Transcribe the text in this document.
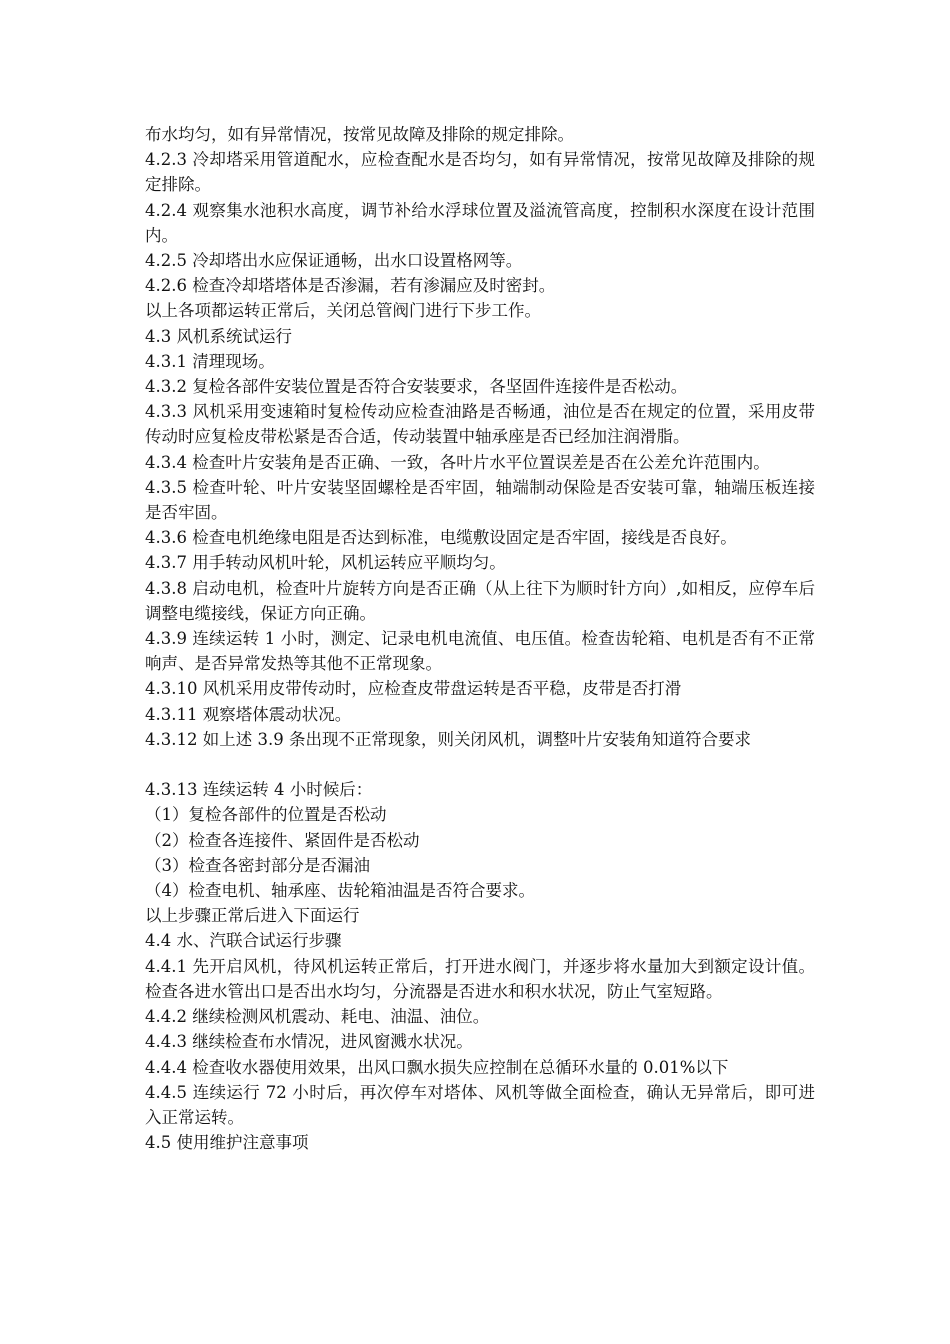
布水均匀，如有异常情况，按常见故障及排除的规定排除。

4.2.3 冷却塔采用管道配水，应检查配水是否均匀，如有异常情况，按常见故障及排除的规定排除。

4.2.4 观察集水池积水高度，调节补给水浮球位置及溢流管高度，控制积水深度在设计范围内。

4.2.5 冷却塔出水应保证通畅，出水口设置格网等。

4.2.6 检查冷却塔塔体是否渗漏，若有渗漏应及时密封。

以上各项都运转正常后，关闭总管阀门进行下步工作。

4.3 风机系统试运行

4.3.1 清理现场。

4.3.2 复检各部件安装位置是否符合安装要求，各坚固件连接件是否松动。

4.3.3 风机采用变速箱时复检传动应检查油路是否畅通，油位是否在规定的位置，采用皮带传动时应复检皮带松紧是否合适，传动装置中轴承座是否已经加注润滑脂。

4.3.4 检查叶片安装角是否正确、一致，各叶片水平位置误差是否在公差允许范围内。

4.3.5 检查叶轮、叶片安装坚固螺栓是否牢固，轴端制动保险是否安装可靠，轴端压板连接是否牢固。

4.3.6 检查电机绝缘电阻是否达到标准，电缆敷设固定是否牢固，接线是否良好。

4.3.7 用手转动风机叶轮，风机运转应平顺均匀。

4.3.8 启动电机，检查叶片旋转方向是否正确（从上往下为顺时针方向）,如相反，应停车后调整电缆接线，保证方向正确。

4.3.9 连续运转 1 小时，测定、记录电机电流值、电压值。检查齿轮箱、电机是否有不正常响声、是否异常发热等其他不正常现象。

4.3.10 风机采用皮带传动时，应检查皮带盘运转是否平稳，皮带是否打滑

4.3.11 观察塔体震动状况。

4.3.12 如上述 3.9 条出现不正常现象，则关闭风机，调整叶片安装角知道符合要求

4.3.13 连续运转 4 小时候后：

（1）复检各部件的位置是否松动

（2）检查各连接件、紧固件是否松动

（3）检查各密封部分是否漏油

（4）检查电机、轴承座、齿轮箱油温是否符合要求。

以上步骤正常后进入下面运行

4.4 水、汽联合试运行步骤

4.4.1 先开启风机，待风机运转正常后，打开进水阀门，并逐步将水量加大到额定设计值。检查各进水管出口是否出水均匀，分流器是否进水和积水状况，防止气室短路。

4.4.2 继续检测风机震动、耗电、油温、油位。

4.4.3 继续检查布水情况，进风窗溅水状况。

4.4.4 检查收水器使用效果，出风口飘水损失应控制在总循环水量的 0.01%以下

4.4.5 连续运行 72 小时后，再次停车对塔体、风机等做全面检查，确认无异常后，即可进入正常运转。

4.5 使用维护注意事项
